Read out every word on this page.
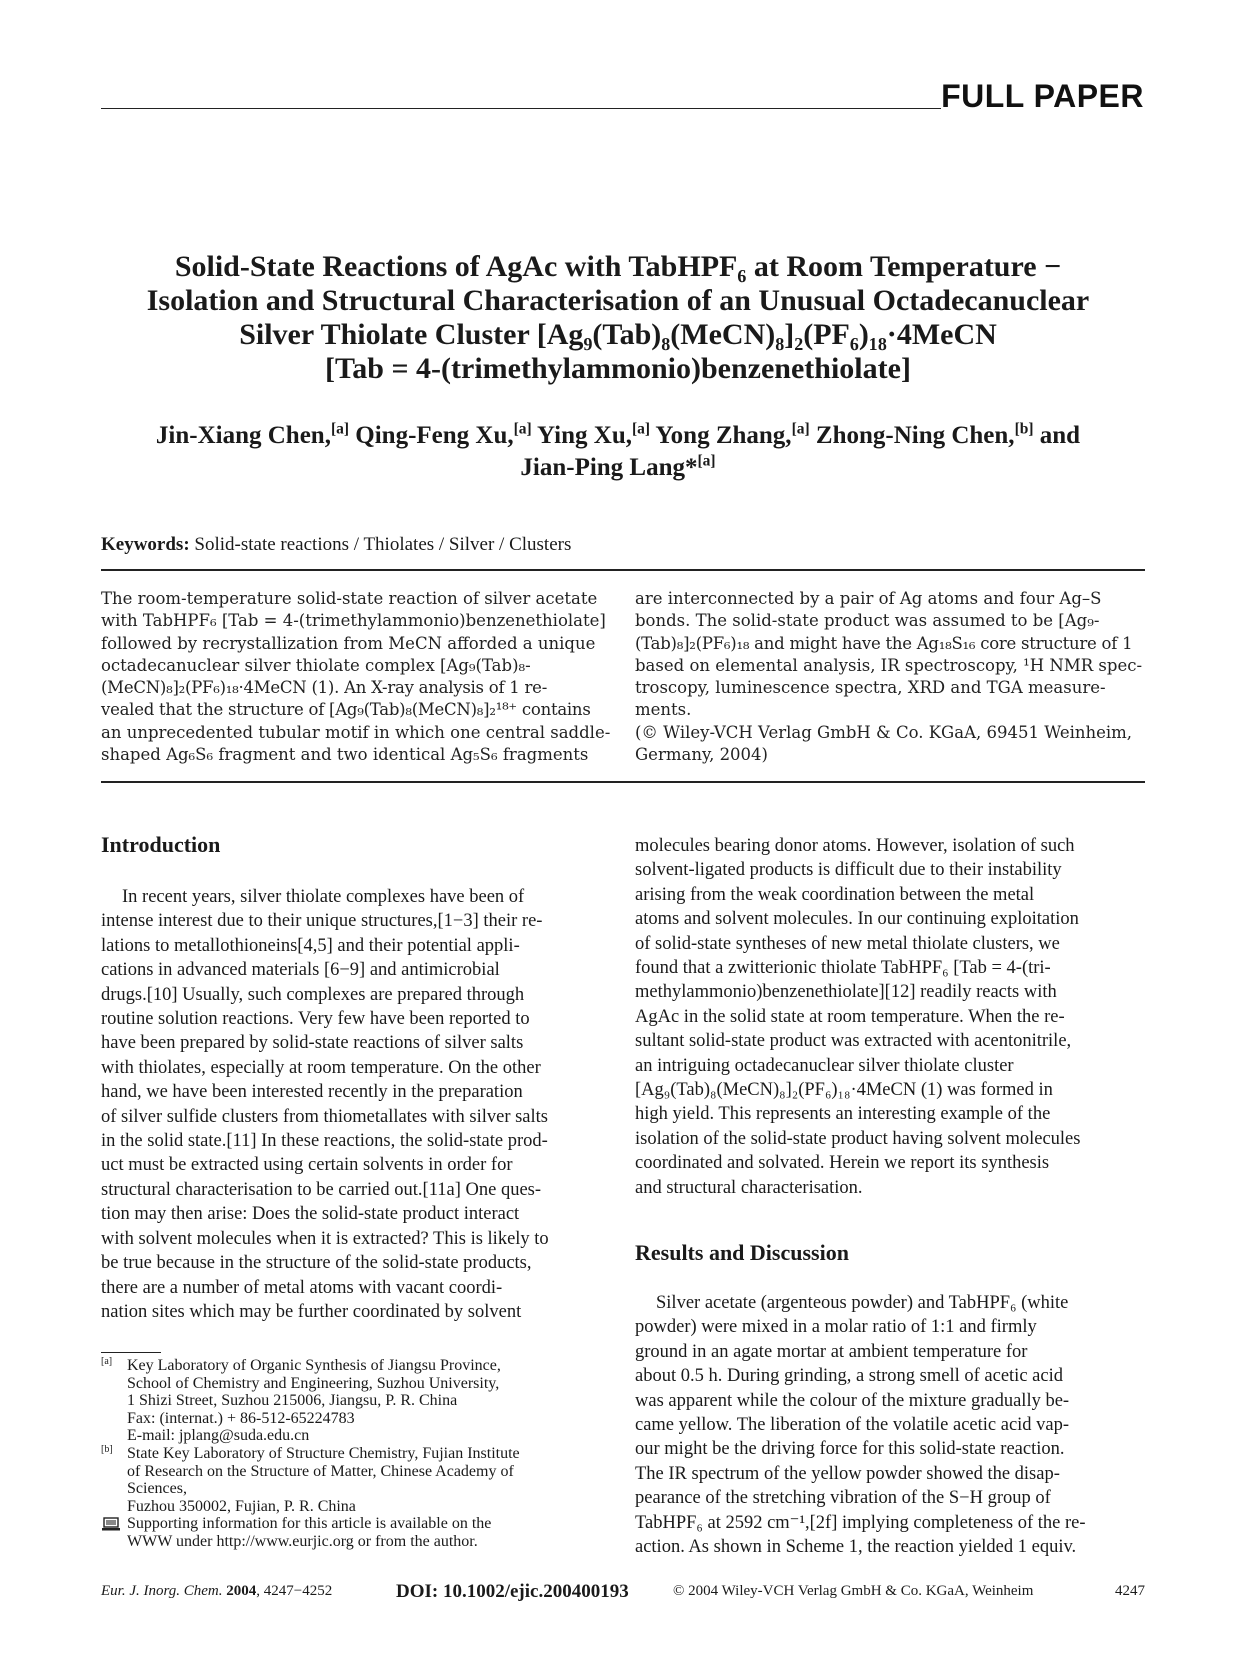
FULL PAPER
Solid-State Reactions of AgAc with TabHPF₆ at Room Temperature −
Isolation and Structural Characterisation of an Unusual Octadecanuclear
Silver Thiolate Cluster [Ag₉(Tab)₈(MeCN)₈]₂(PF₆)₁₈·4MeCN
[Tab = 4-(trimethylammonio)benzenethiolate]
Jin-Xiang Chen,[a] Qing-Feng Xu,[a] Ying Xu,[a] Yong Zhang,[a] Zhong-Ning Chen,[b] and
Jian-Ping Lang*[a]
Keywords: Solid-state reactions / Thiolates / Silver / Clusters

The room-temperature solid-state reaction of silver acetate

with TabHPF₆ [Tab = 4-(trimethylammonio)benzenethiolate]

followed by recrystallization from MeCN afforded a unique

octadecanuclear silver thiolate complex [Ag₉(Tab)₈-

(MeCN)₈]₂(PF₆)₁₈·4MeCN (1). An X-ray analysis of 1 re-

vealed that the structure of [Ag₉(Tab)₈(MeCN)₈]₂¹⁸⁺ contains

an unprecedented tubular motif in which one central saddle-

shaped Ag₆S₆ fragment and two identical Ag₅S₆ fragments

are interconnected by a pair of Ag atoms and four Ag–S

bonds. The solid-state product was assumed to be [Ag₉-

(Tab)₈]₂(PF₆)₁₈ and might have the Ag₁₈S₁₆ core structure of 1

based on elemental analysis, IR spectroscopy, ¹H NMR spec-

troscopy, luminescence spectra, XRD and TGA measure-

ments.

(© Wiley-VCH Verlag GmbH & Co. KGaA, 69451 Weinheim,

Germany, 2004)

Introduction

In recent years, silver thiolate complexes have been of

intense interest due to their unique structures,[1−3] their re-

lations to metallothioneins[4,5] and their potential appli-

cations in advanced materials [6−9] and antimicrobial

drugs.[10] Usually, such complexes are prepared through

routine solution reactions. Very few have been reported to

have been prepared by solid-state reactions of silver salts

with thiolates, especially at room temperature. On the other

hand, we have been interested recently in the preparation

of silver sulfide clusters from thiometallates with silver salts

in the solid state.[11] In these reactions, the solid-state prod-

uct must be extracted using certain solvents in order for

structural characterisation to be carried out.[11a] One ques-

tion may then arise: Does the solid-state product interact

with solvent molecules when it is extracted? This is likely to

be true because in the structure of the solid-state products,

there are a number of metal atoms with vacant coordi-

nation sites which may be further coordinated by solvent

molecules bearing donor atoms. However, isolation of such

solvent-ligated products is difficult due to their instability

arising from the weak coordination between the metal

atoms and solvent molecules. In our continuing exploitation

of solid-state syntheses of new metal thiolate clusters, we

found that a zwitterionic thiolate TabHPF₆ [Tab = 4-(tri-

methylammonio)benzenethiolate][12] readily reacts with

AgAc in the solid state at room temperature. When the re-

sultant solid-state product was extracted with acentonitrile,

an intriguing octadecanuclear silver thiolate cluster

[Ag₉(Tab)₈(MeCN)₈]₂(PF₆)₁₈·4MeCN (1) was formed in

high yield. This represents an interesting example of the

isolation of the solid-state product having solvent molecules

coordinated and solvated. Herein we report its synthesis

and structural characterisation.

Results and Discussion

Silver acetate (argenteous powder) and TabHPF₆ (white

powder) were mixed in a molar ratio of 1:1 and firmly

ground in an agate mortar at ambient temperature for

about 0.5 h. During grinding, a strong smell of acetic acid

was apparent while the colour of the mixture gradually be-

came yellow. The liberation of the volatile acetic acid vap-

our might be the driving force for this solid-state reaction.

The IR spectrum of the yellow powder showed the disap-

pearance of the stretching vibration of the S−H group of

TabHPF₆ at 2592 cm⁻¹,[2f] implying completeness of the re-

action. As shown in Scheme 1, the reaction yielded 1 equiv.

[a] Key Laboratory of Organic Synthesis of Jiangsu Province,
School of Chemistry and Engineering, Suzhou University,
1 Shizi Street, Suzhou 215006, Jiangsu, P. R. China
Fax: (internat.) + 86-512-65224783
E-mail: jplang@suda.edu.cn
[b] State Key Laboratory of Structure Chemistry, Fujian Institute
of Research on the Structure of Matter, Chinese Academy of
Sciences,
Fuzhou 350002, Fujian, P. R. China
Supporting information for this article is available on the
WWW under http://www.eurjic.org or from the author.
Eur. J. Inorg. Chem. 2004, 4247−4252	DOI: 10.1002/ejic.200400193	© 2004 Wiley-VCH Verlag GmbH & Co. KGaA, Weinheim	4247
